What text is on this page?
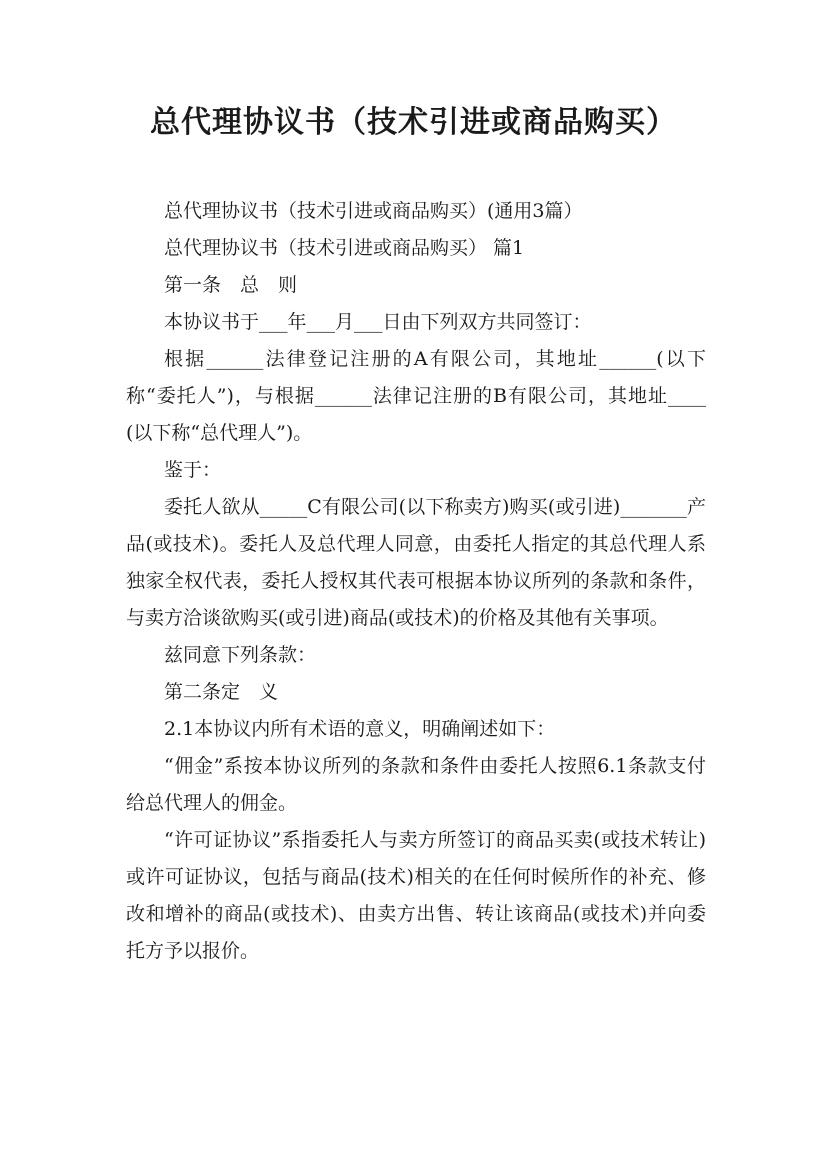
总代理协议书（技术引进或商品购买）

总代理协议书（技术引进或商品购买）(通用3篇）

总代理协议书（技术引进或商品购买） 篇1

第一条　总　则

本协议书于___年___月___日由下列双方共同签订：

根据______法律登记注册的A有限公司，其地址______(以下称“委托人”)，与根据______法律记注册的B有限公司，其地址____(以下称“总代理人”)。

鉴于：

委托人欲从_____C有限公司(以下称卖方)购买(或引进)_______产品(或技术)。委托人及总代理人同意，由委托人指定的其总代理人系独家全权代表，委托人授权其代表可根据本协议所列的条款和条件，与卖方洽谈欲购买(或引进)商品(或技术)的价格及其他有关事项。

兹同意下列条款：

第二条定　义

2.1本协议内所有术语的意义，明确阐述如下：

“佣金”系按本协议所列的条款和条件由委托人按照6.1条款支付给总代理人的佣金。

“许可证协议”系指委托人与卖方所签订的商品买卖(或技术转让)或许可证协议，包括与商品(技术)相关的在任何时候所作的补充、修改和增补的商品(或技术)、由卖方出售、转让该商品(或技术)并向委托方予以报价。
